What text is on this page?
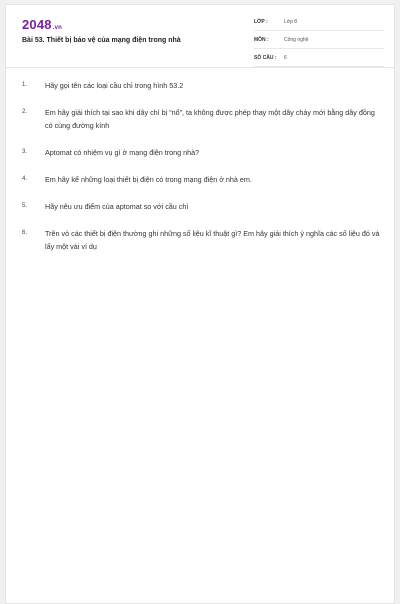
2048.vn
Bài 53. Thiết bị bảo vệ của mạng điện trong nhà
LỚP :	Lớp 8
MÔN :	Công nghệ
SỐ CÂU : 6
1. Hãy gọi tên các loại cầu chì trong hình 53.2
2. Em hãy giải thích tại sao khi dây chì bị “nổ”, ta không được phép thay một dây chảy mới bằng dây đồng có cùng đường kính
3. Aptomat có nhiệm vụ gì ở mạng điện trong nhà?
4. Em hãy kể những loại thiết bị điện có trong mạng điện ở nhà em.
5. Hãy nêu ưu điểm của aptomat so với cầu chì
6. Trên vỏ các thiết bị điện thường ghi những số liệu kĩ thuật gì? Em hãy giải thích ý nghĩa các số liệu đó và lấy một vài ví dụ
